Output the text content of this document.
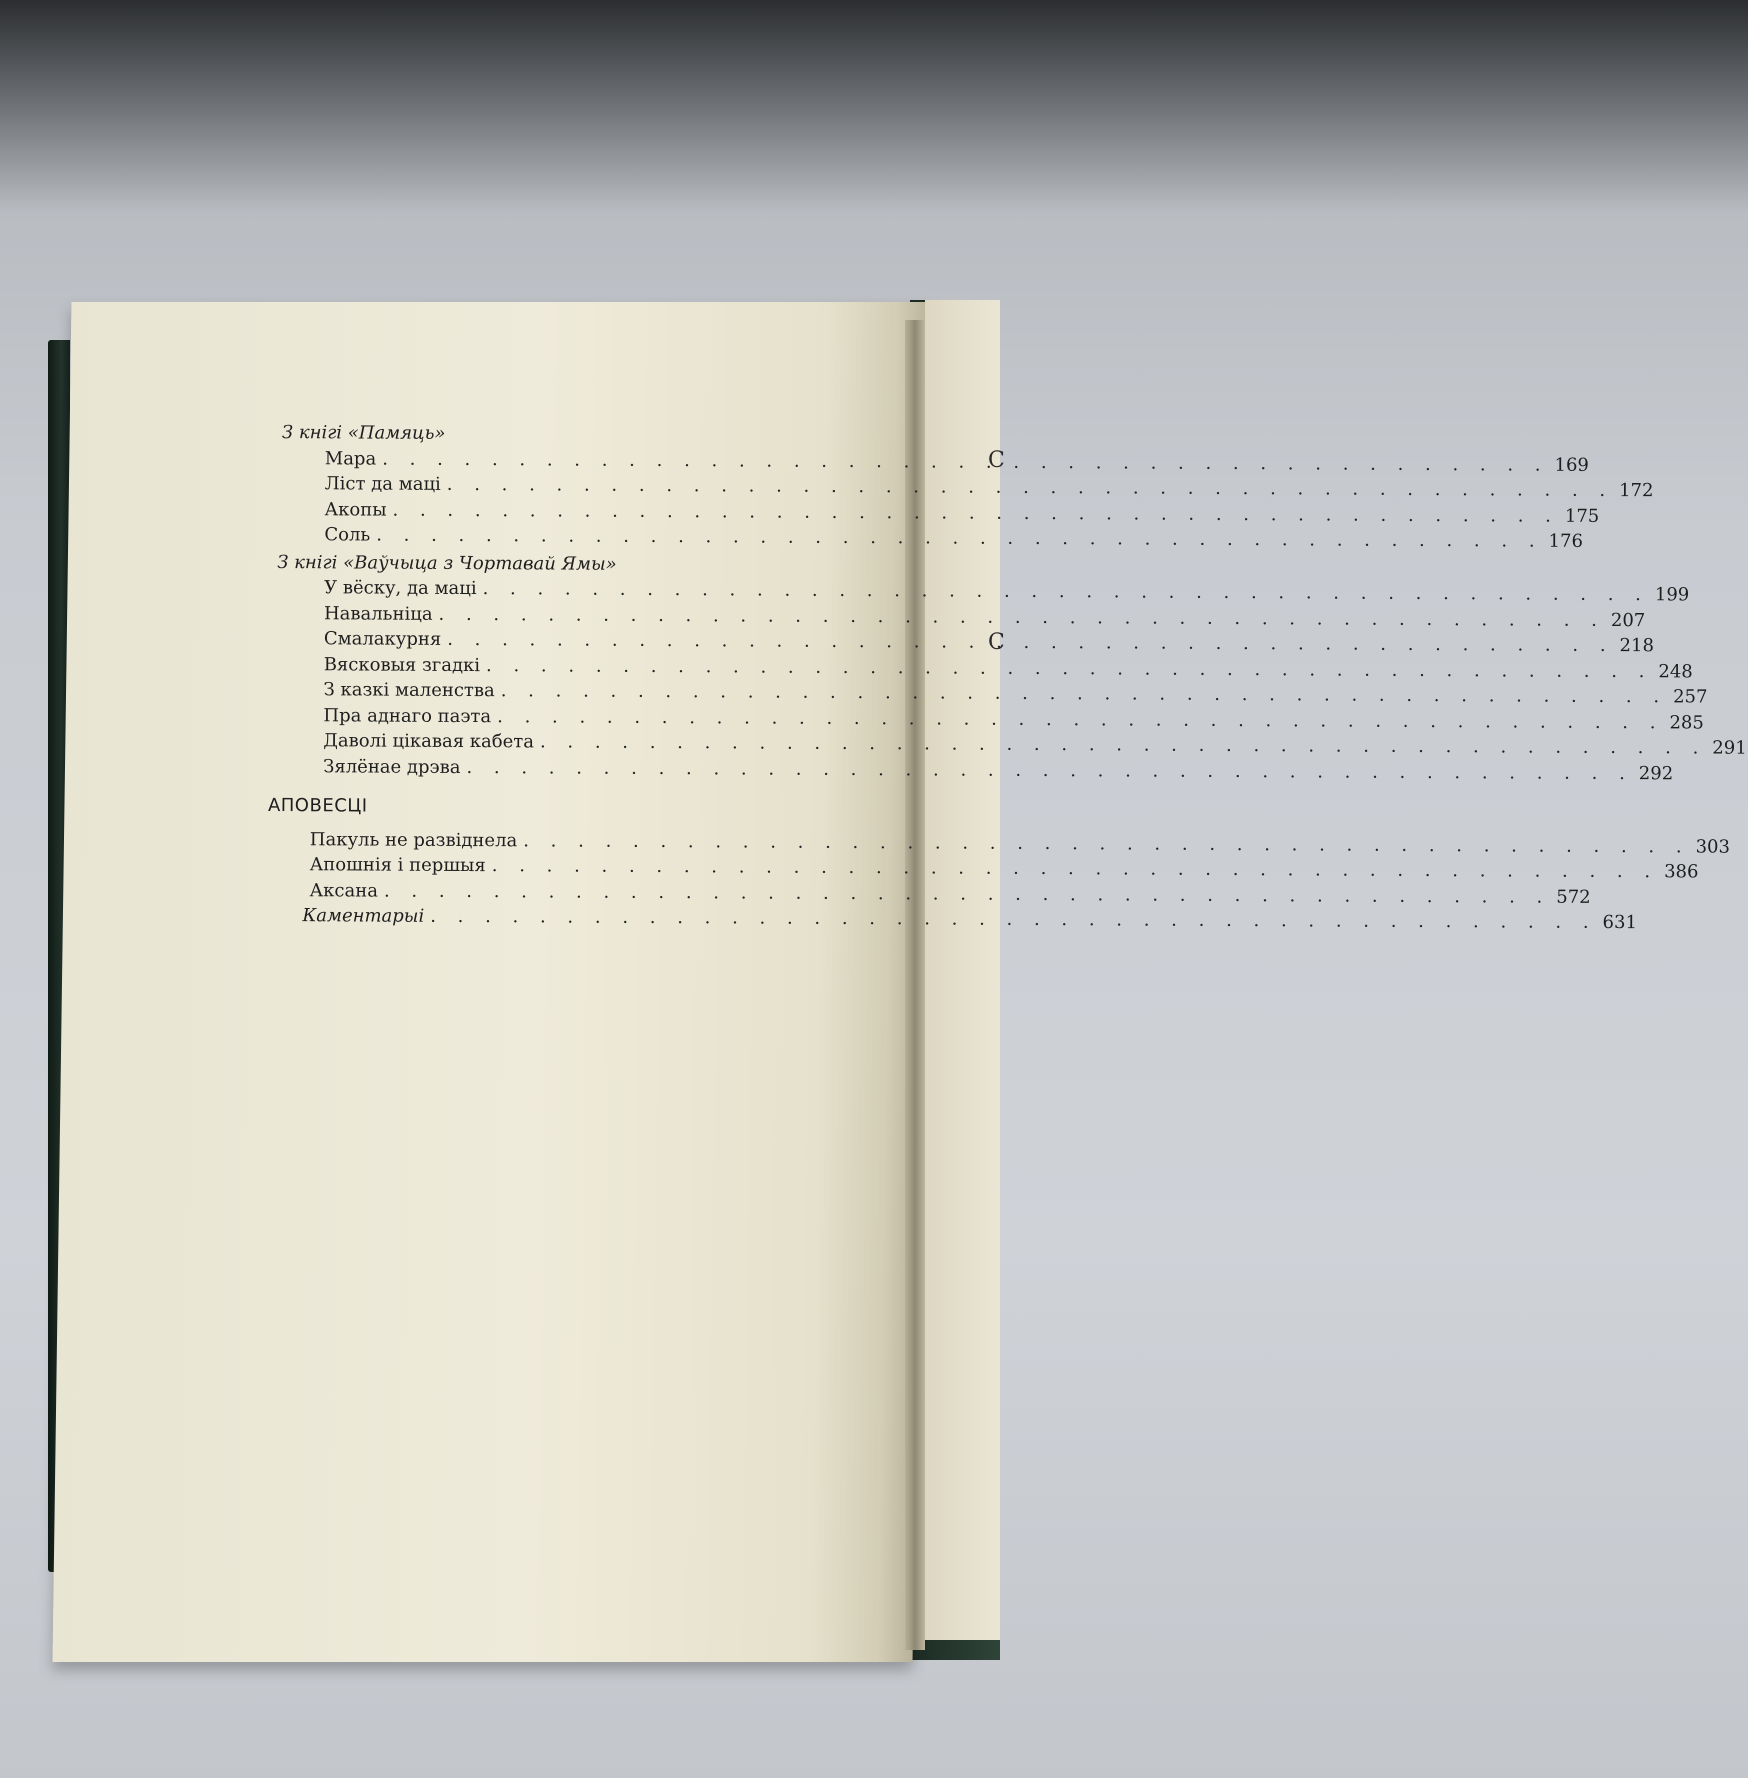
С
С
З кнігі «Памяць»
Мара . . .	169
Ліст да маці . . .	172
Акопы . . .	175
Соль . . .	176
З кнігі «Ваўчыца з Чортавай Ямы»
У вёску, да маці . . .	199
Навальніца . . .	207
Смалакурня . . .	218
Вясковыя згадкі . . .	248
З казкі маленства . . .	257
Пра аднаго паэта . . .	285
Даволі цікавая кабета . . .	291
Зялёнае дрэва . . .	292
АПОВЕСЦІ
Пакуль не развіднела . . .	303
Апошнія і першыя . . .	386
Аксана . . .	572
Каментарыі . . .	631
